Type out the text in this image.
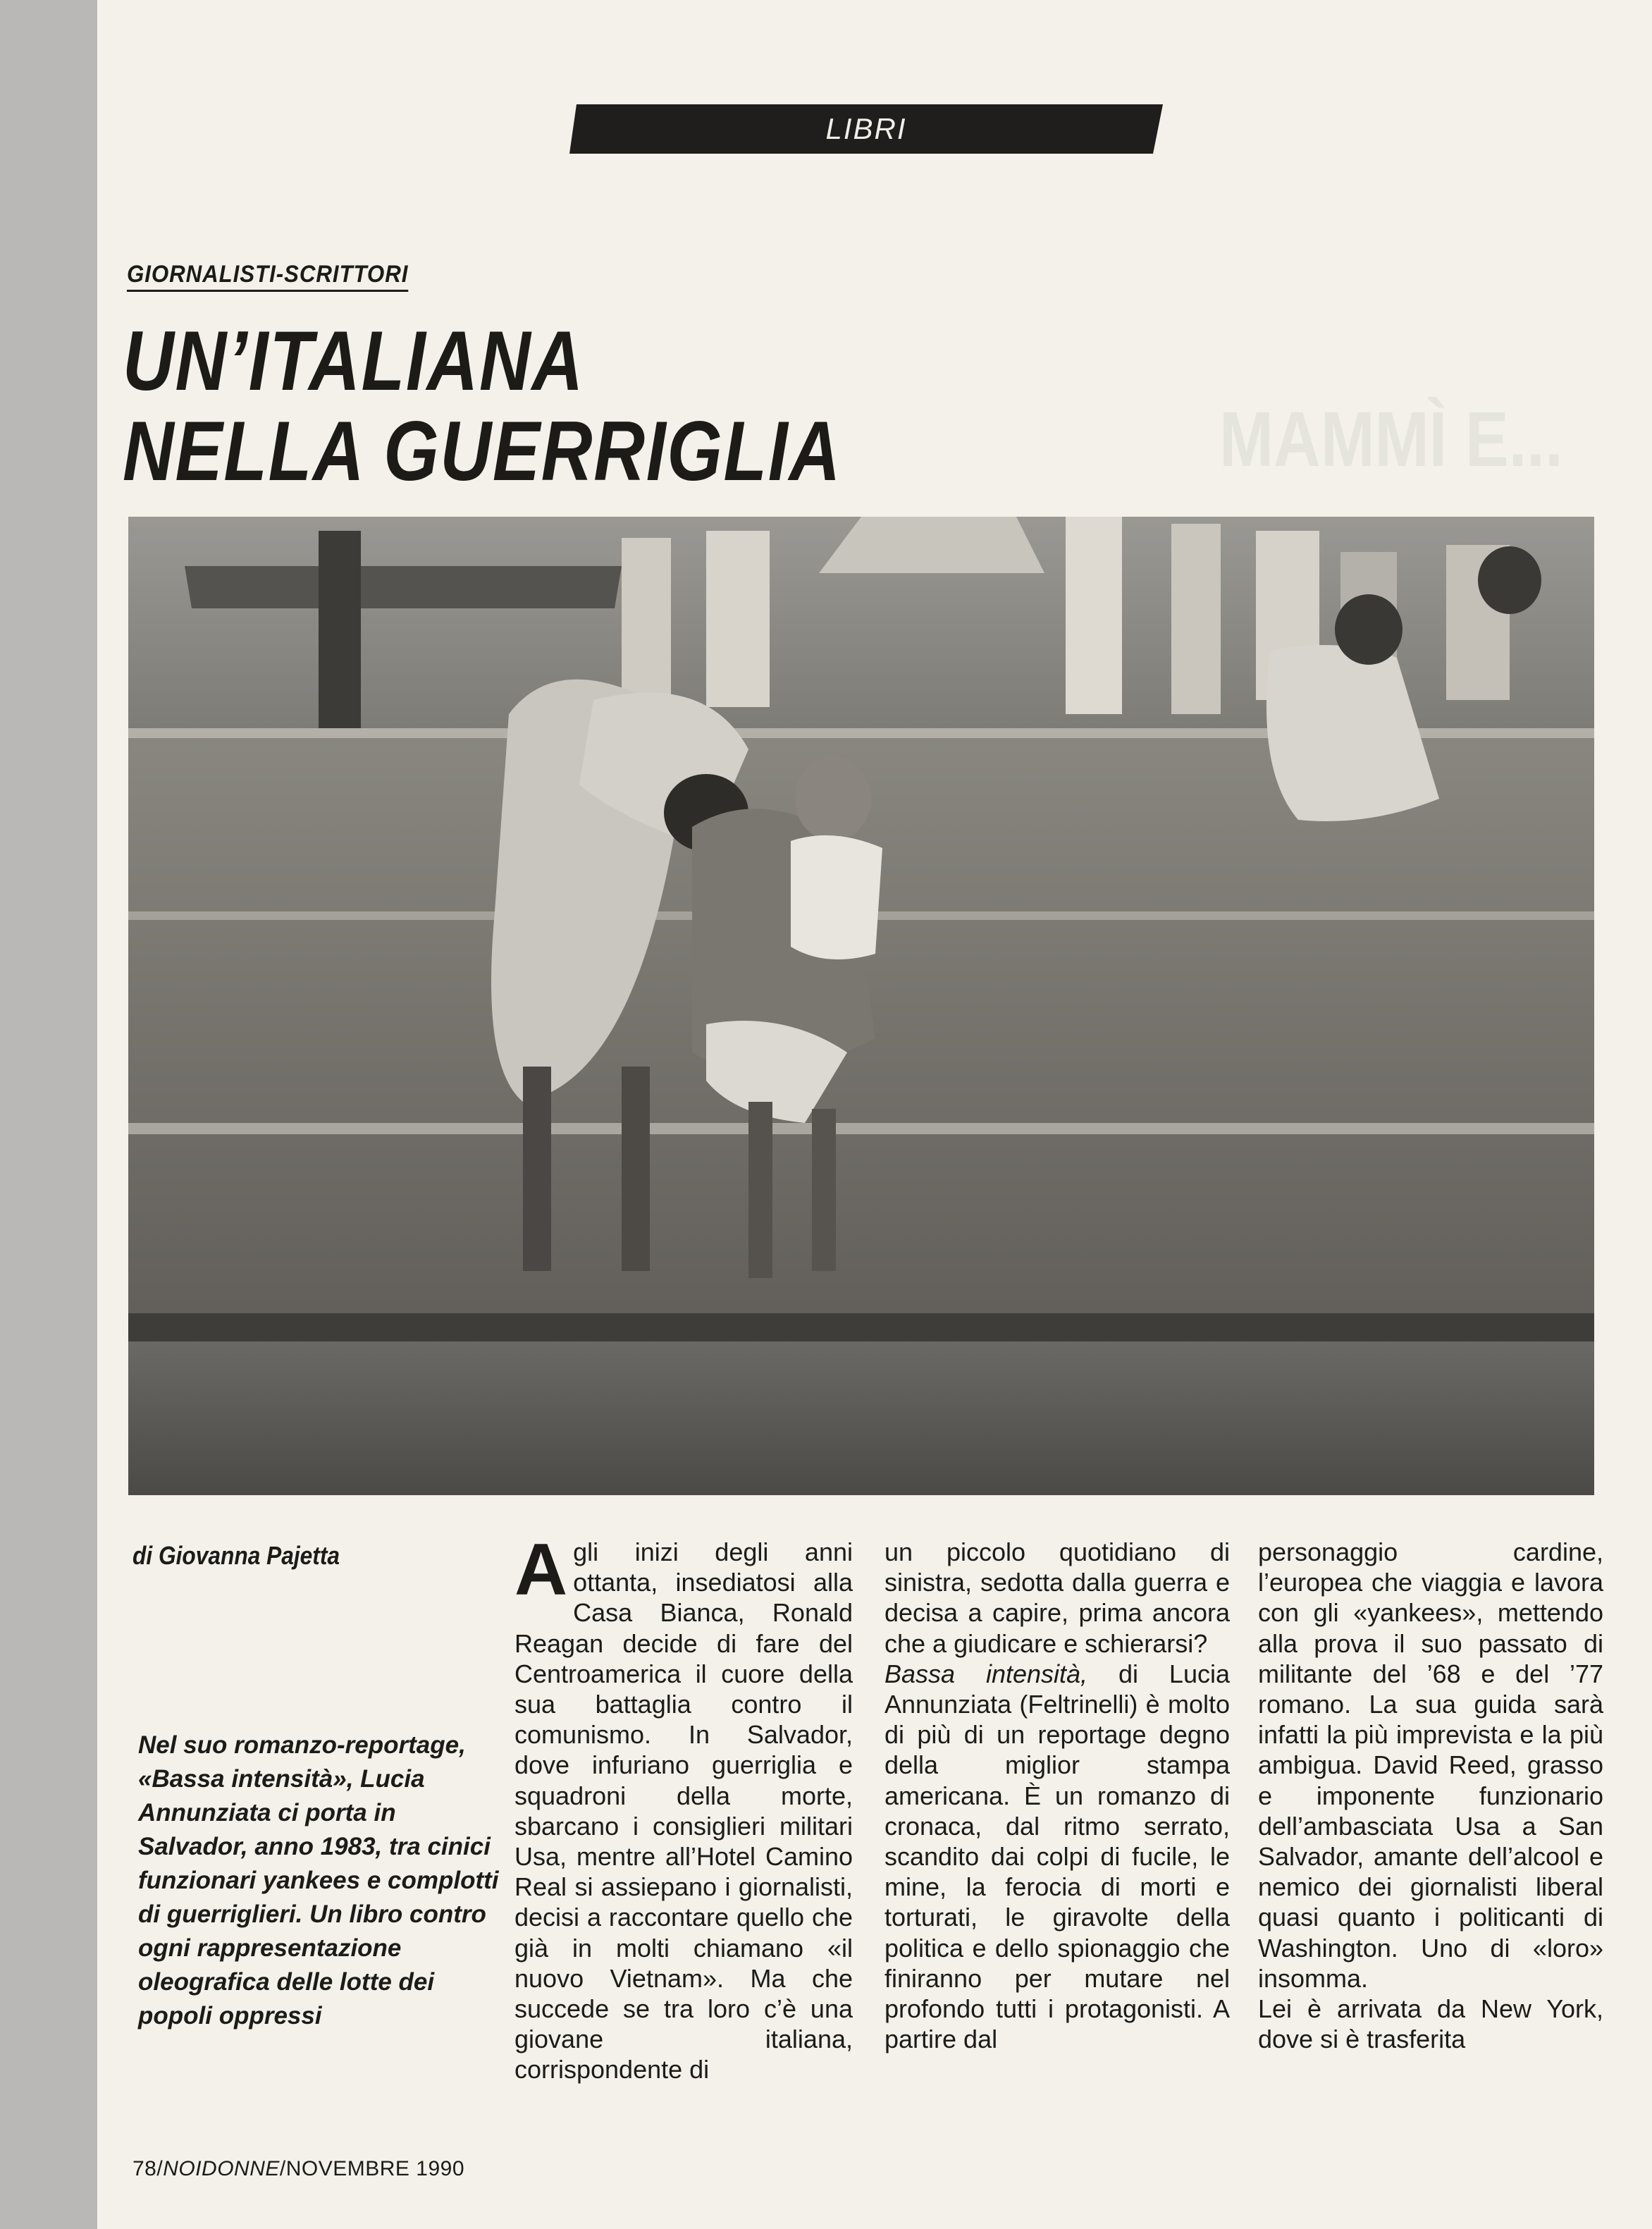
LIBRI
GIORNALISTI-SCRITTORI
UN’ITALIANA
NELLA GUERRIGLIA	MAMMÌ E...
di Giovanna Pajetta
Nel suo romanzo-reportage, «Bassa intensità», Lucia Annunziata ci porta in Salvador, anno 1983, tra cinici funzionari yankees e complotti di guerriglieri. Un libro contro ogni rappresentazione oleografica delle lotte dei popoli oppressi

Agli inizi degli anni ottanta, insediatosi alla Casa Bianca, Ronald Reagan decide di fare del Centroamerica il cuore della sua battaglia contro il comunismo. In Salvador, dove infuriano guerriglia e squadroni della morte, sbarcano i consiglieri militari Usa, mentre all’Hotel Camino Real si assiepano i giornalisti, decisi a raccontare quello che già in molti chiamano «il nuovo Vietnam». Ma che succede se tra loro c’è una giovane italiana, corrispondente di

un piccolo quotidiano di sinistra, sedotta dalla guerra e decisa a capire, prima ancora che a giudicare e schierarsi?

Bassa intensità, di Lucia Annunziata (Feltrinelli) è molto di più di un reportage degno della miglior stampa americana. È un romanzo di cronaca, dal ritmo serrato, scandito dai colpi di fucile, le mine, la ferocia di morti e torturati, le giravolte della politica e dello spionaggio che finiranno per mutare nel profondo tutti i protagonisti. A partire dal

personaggio cardine, l’europea che viaggia e lavora con gli «yankees», mettendo alla prova il suo passato di militante del ’68 e del ’77 romano. La sua guida sarà infatti la più imprevista e la più ambigua. David Reed, grasso e imponente funzionario dell’ambasciata Usa a San Salvador, amante dell’alcool e nemico dei giornalisti liberal quasi quanto i politicanti di Washington. Uno di «loro» insomma.

Lei è arrivata da New York, dove si è trasferita

78/NOIDONNE/NOVEMBRE 1990
